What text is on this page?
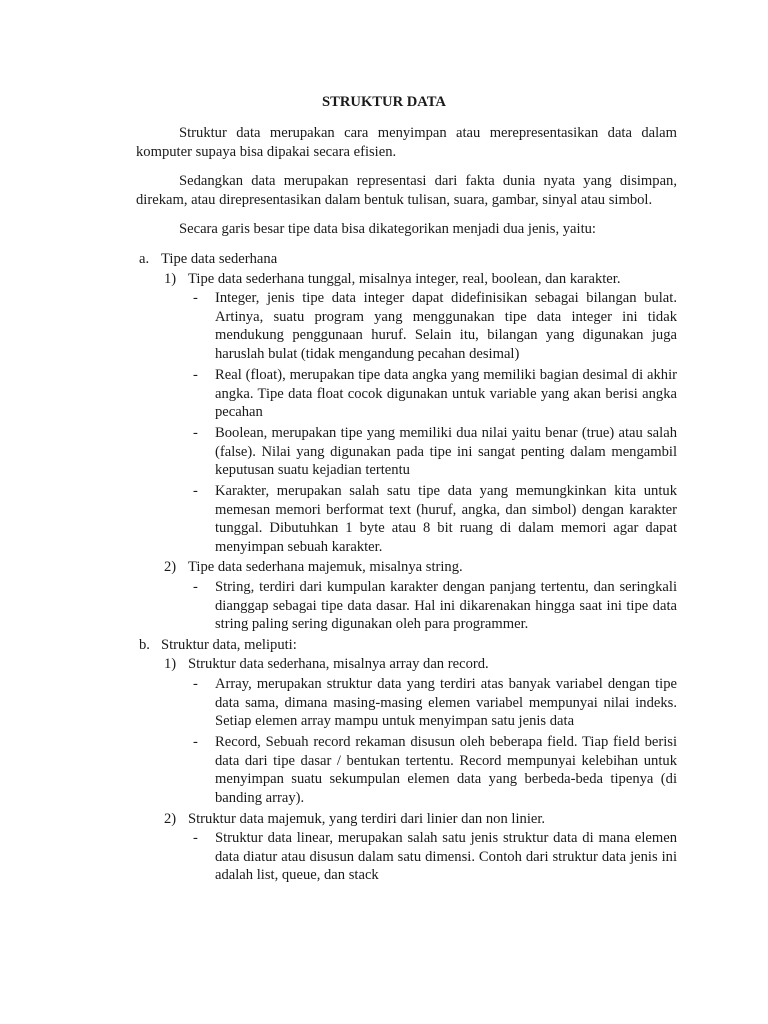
STRUKTUR DATA

Struktur data merupakan cara menyimpan atau merepresentasikan data dalam komputer supaya bisa dipakai secara efisien.

Sedangkan data merupakan representasi dari fakta dunia nyata yang disimpan, direkam, atau direpresentasikan dalam bentuk tulisan, suara, gambar, sinyal atau simbol.

Secara garis besar tipe data bisa dikategorikan menjadi dua jenis, yaitu:

a. Tipe data sederhana
1) Tipe data sederhana tunggal, misalnya integer, real, boolean, dan karakter.
- Integer, jenis tipe data integer dapat didefinisikan sebagai bilangan bulat. Artinya, suatu program yang menggunakan tipe data integer ini tidak mendukung penggunaan huruf. Selain itu, bilangan yang digunakan juga haruslah bulat (tidak mengandung pecahan desimal)

- Real (float), merupakan tipe data angka yang memiliki bagian desimal di akhir angka. Tipe data float cocok digunakan untuk variable yang akan berisi angka pecahan

- Boolean, merupakan tipe yang memiliki dua nilai yaitu benar (true) atau salah (false). Nilai yang digunakan pada tipe ini sangat penting dalam mengambil keputusan suatu kejadian tertentu

- Karakter, merupakan salah satu tipe data yang memungkinkan kita untuk memesan memori berformat text (huruf, angka, dan simbol) dengan karakter tunggal. Dibutuhkan 1 byte atau 8 bit ruang di dalam memori agar dapat menyimpan sebuah karakter.

2) Tipe data sederhana majemuk, misalnya string.
- String, terdiri dari kumpulan karakter dengan panjang tertentu, dan seringkali dianggap sebagai tipe data dasar. Hal ini dikarenakan hingga saat ini tipe data string paling sering digunakan oleh para programmer.

b. Struktur data, meliputi:
1) Struktur data sederhana, misalnya array dan record.
- Array, merupakan struktur data yang terdiri atas banyak variabel dengan tipe data sama, dimana masing-masing elemen variabel mempunyai nilai indeks. Setiap elemen array mampu untuk menyimpan satu jenis data

- Record, Sebuah record rekaman disusun oleh beberapa field. Tiap field berisi data dari tipe dasar / bentukan tertentu. Record mempunyai kelebihan untuk menyimpan suatu sekumpulan elemen data yang berbeda-beda tipenya (di banding array).

2) Struktur data majemuk, yang terdiri dari linier dan non linier.
- Struktur data linear, merupakan salah satu jenis struktur data di mana elemen data diatur atau disusun dalam satu dimensi. Contoh dari struktur data jenis ini adalah list, queue, dan stack
